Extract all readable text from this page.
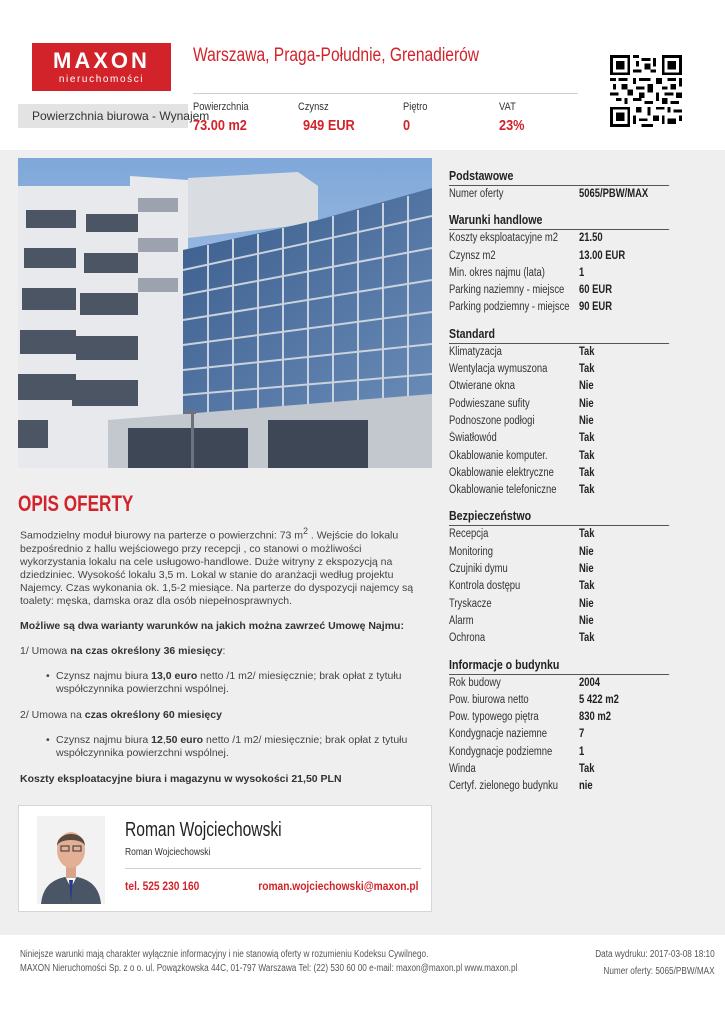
MAXON
nieruchomości
Warszawa, Praga-Południe, Grenadierów
Powierzchnia biurowa - Wynajem
Powierzchnia
73.00 m2
Czynsz
949 EUR
Piętro
0
VAT
23%
OPIS OFERTY

Samodzielny moduł biurowy na parterze o powierzchni: 73 $m^2$ . Wejście do lokalu bezpośrednio z hallu wejściowego przy recepcji , co stanowi o możliwości wykorzystania lokalu na cele usługowo-handlowe. Duże witryny z ekspozycją na dziedziniec. Wysokość lokalu 3,5 m. Lokal w stanie do aranżacji według projektu Najemcy. Czas wykonania ok. 1,5-2 miesiące. Na parterze do dyspozycji najemcy są toalety: męska, damska oraz dla osób niepełnosprawnych.

Możliwe są dwa warianty warunków na jakich można zawrzeć Umowę Najmu:

1/ Umowa na czas określony 36 miesięcy:

• Czynsz najmu biura 13,0 euro netto /1 m2/ miesięcznie; brak opłat z tytułu współczynnika powierzchni wspólnej.

2/ Umowa na czas określony 60 miesięcy

• Czynsz najmu biura 12,50 euro netto /1 m2/ miesięcznie; brak opłat z tytułu współczynnika powierzchni wspólnej.

Koszty eksploatacyjne biura i magazynu w wysokości 21,50 PLN

Roman Wojciechowski
Roman Wojciechowski
tel. 525 230 160	roman.wojciechowski@maxon.pl
Podstawowe
Numer oferty	5065/PBW/MAX
Warunki handlowe
Koszty eksploatacyjne m2 21.50
Czynsz m2	13.00 EUR
Min. okres najmu (lata)	1
Parking naziemny - miejsce 60 EUR
Parking podziemny - miejsce 90 EUR
Standard
Klimatyzacja	Tak
Wentylacja wymuszona	Tak
Otwierane okna	Nie
Podwieszane sufity	Nie
Podnoszone podłogi	Nie
Światłowód	Tak
Okablowanie komputer.	Tak
Okablowanie elektryczne Tak
Okablowanie telefoniczne Tak
Bezpieczeństwo
Recepcja	Tak
Monitoring	Nie
Czujniki dymu	Nie
Kontrola dostępu	Tak
Tryskacze	Nie
Alarm	Nie
Ochrona	Tak
Informacje o budynku
Rok budowy	2004
Pow. biurowa netto	5 422 m2
Pow. typowego piętra	830 m2
Kondygnacje naziemne	7
Kondygnacje podziemne 1
Winda	Tak
Certyf. zielonego budynku nie
Niniejsze warunki mają charakter wyłącznie informacyjny i nie stanowią oferty w rozumieniu Kodeksu Cywilnego.
MAXON Nieruchomości Sp. z o o. ul. Powązkowska 44C, 01-797 Warszawa Tel: (22) 530 60 00 e-mail: maxon@maxon.pl www.maxon.pl
Data wydruku: 2017-03-08 18:10
Numer oferty: 5065/PBW/MAX
